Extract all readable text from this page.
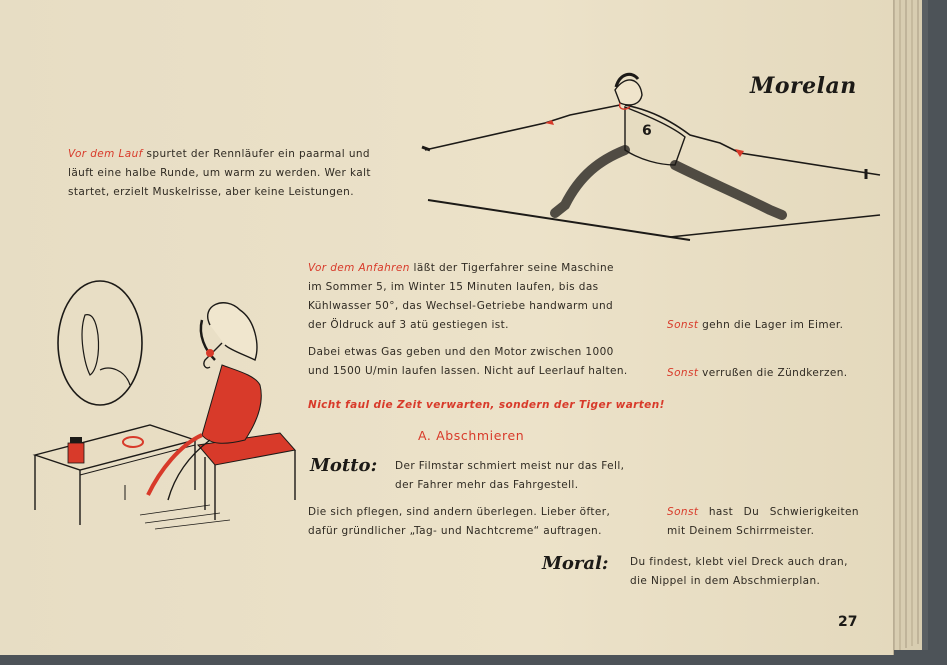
Morelan
6
Vor dem Lauf spurtet der Rennläufer ein paarmal und
läuft eine halbe Runde, um warm zu werden. Wer kalt
startet, erzielt Muskelrisse, aber keine Leistungen.
Vor dem Anfahren läßt der Tigerfahrer seine Maschine
im Sommer 5, im Winter 15 Minuten laufen, bis das
Kühlwasser 50°, das Wechsel-Getriebe handwarm und
der Öldruck auf 3 atü gestiegen ist.
Dabei etwas Gas geben und den Motor zwischen 1000
und 1500 U/min laufen lassen. Nicht auf Leerlauf halten.
Sonst gehn die Lager im Eimer.
Sonst verrußen die Zündkerzen.
Nicht faul die Zeit verwarten, sondern der Tiger warten!
A. Abschmieren
Motto: Der Filmstar schmiert meist nur das Fell,
der Fahrer mehr das Fahrgestell.
Die sich pflegen, sind andern überlegen. Lieber öfter,
dafür gründlicher „Tag- und Nachtcreme“ auftragen.
Sonst hast Du Schwierigkeiten
mit Deinem Schirrmeister.
Moral: Du findest, klebt viel Dreck auch dran,
die Nippel in dem Abschmierplan.
27
